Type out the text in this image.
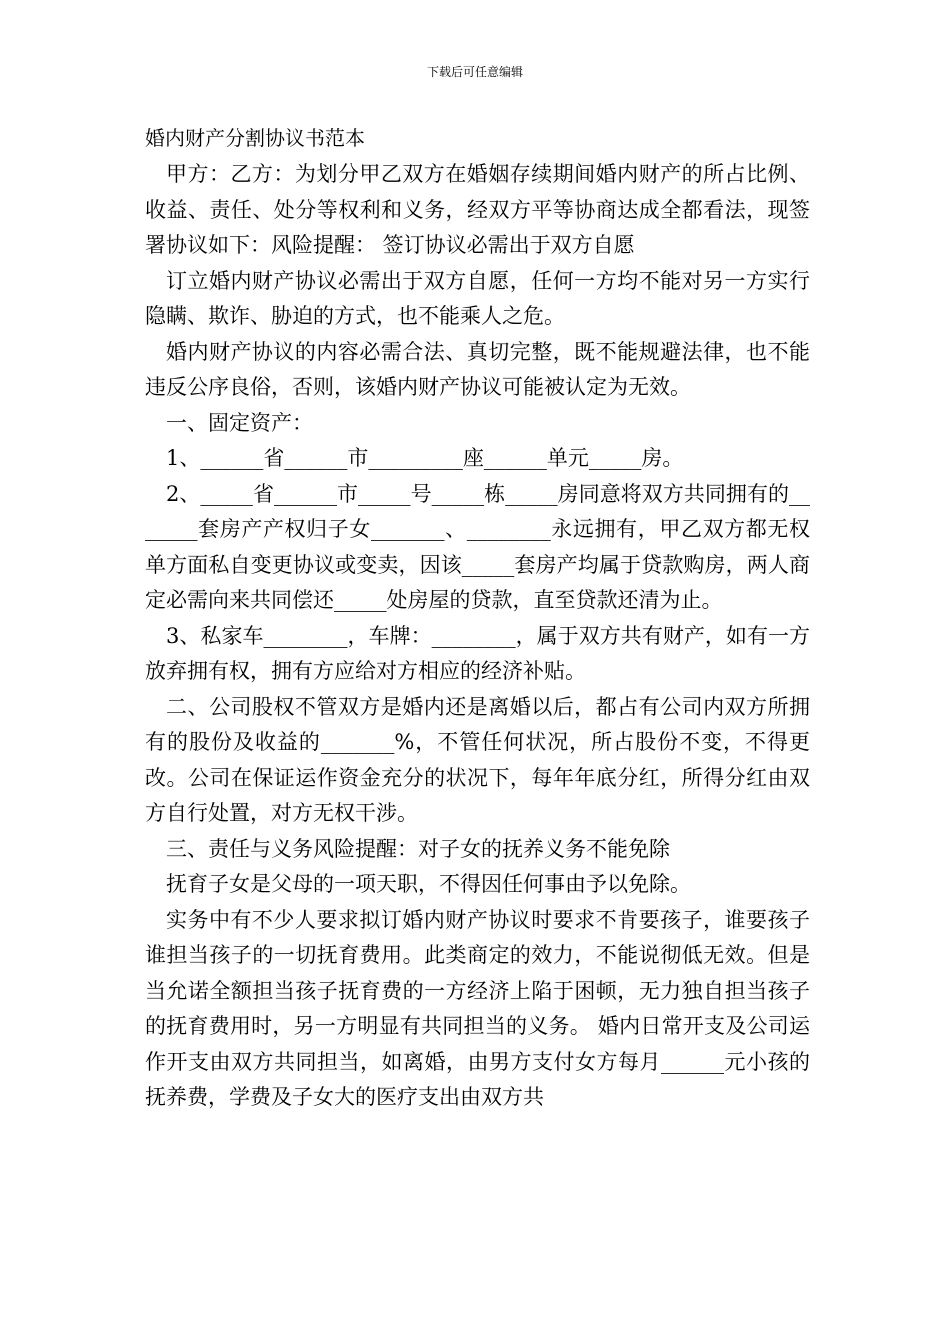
下载后可任意编辑

婚内财产分割协议书范本

甲方：乙方：为划分甲乙双方在婚姻存续期间婚内财产的所占比例、收益、责任、处分等权利和义务，经双方平等协商达成全都看法，现签署协议如下：风险提醒： 签订协议必需出于双方自愿

订立婚内财产协议必需出于双方自愿，任何一方均不能对另一方实行隐瞒、欺诈、胁迫的方式，也不能乘人之危。

婚内财产协议的内容必需合法、真切完整，既不能规避法律，也不能违反公序良俗，否则，该婚内财产协议可能被认定为无效。

一、固定资产：

1、______省______市_________座______单元_____房。

2、_____省______市_____号_____栋_____房同意将双方共同拥有的_______套房产产权归子女_______、________永远拥有，甲乙双方都无权单方面私自变更协议或变卖，因该_____套房产均属于贷款购房，两人商定必需向来共同偿还_____处房屋的贷款，直至贷款还清为止。

3、私家车________，车牌：________，属于双方共有财产，如有一方放弃拥有权，拥有方应给对方相应的经济补贴。

二、公司股权不管双方是婚内还是离婚以后，都占有公司内双方所拥有的股份及收益的_______%，不管任何状况，所占股份不变，不得更改。公司在保证运作资金充分的状况下，每年年底分红，所得分红由双方自行处置，对方无权干涉。

三、责任与义务风险提醒：对子女的抚养义务不能免除

抚育子女是父母的一项天职，不得因任何事由予以免除。

实务中有不少人要求拟订婚内财产协议时要求不肯要孩子，谁要孩子谁担当孩子的一切抚育费用。此类商定的效力，不能说彻低无效。但是当允诺全额担当孩子抚育费的一方经济上陷于困顿，无力独自担当孩子的抚育费用时，另一方明显有共同担当的义务。 婚内日常开支及公司运作开支由双方共同担当，如离婚，由男方支付女方每月______元小孩的抚养费，学费及子女大的医疗支出由双方共
